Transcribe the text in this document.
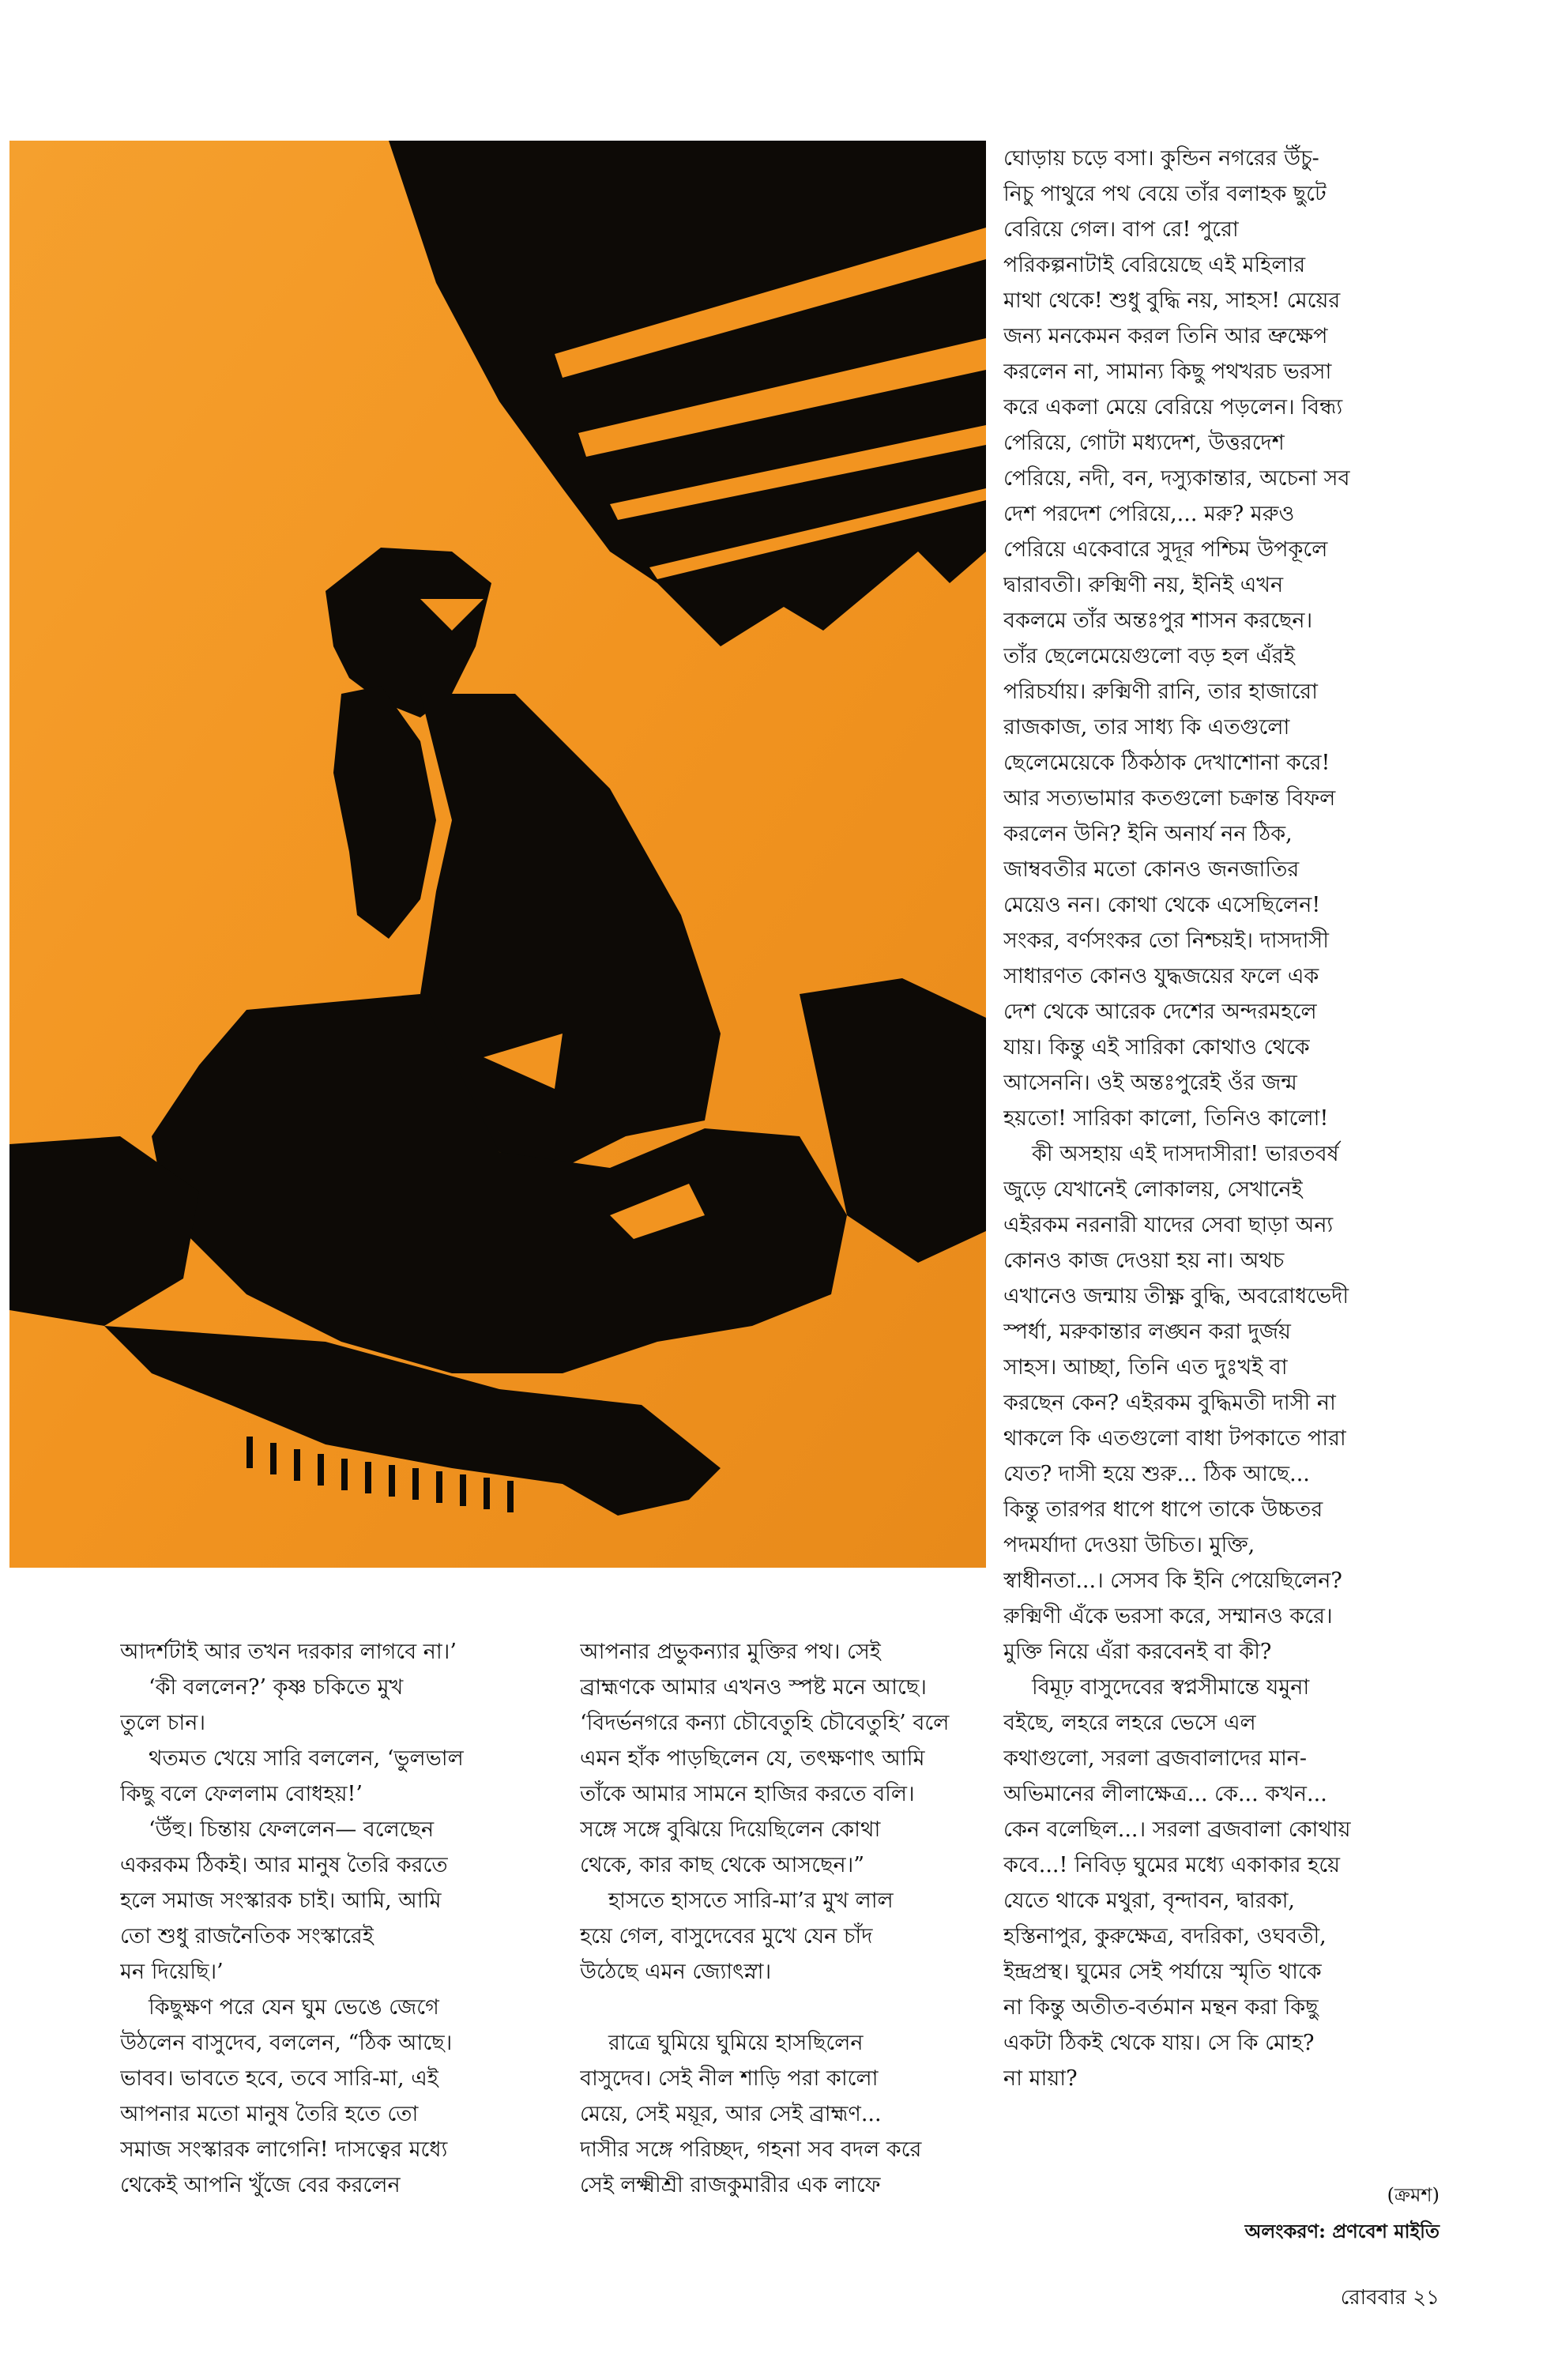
ঘোড়ায় চড়ে বসা। কুন্ডিন নগরের উঁচু-

নিচু পাথুরে পথ বেয়ে তাঁর বলাহক ছুটে

বেরিয়ে গেল। বাপ রে! পুরো

পরিকল্পনাটাই বেরিয়েছে এই মহিলার

মাথা থেকে! শুধু বুদ্ধি নয়, সাহস! মেয়ের

জন্য মনকেমন করল তিনি আর ভ্রুক্ষেপ

করলেন না, সামান্য কিছু পথখরচ ভরসা

করে একলা মেয়ে বেরিয়ে পড়লেন। বিন্ধ্য

পেরিয়ে, গোটা মধ্যদেশ, উত্তরদেশ

পেরিয়ে, নদী, বন, দস্যুকান্তার, অচেনা সব

দেশ পরদেশ পেরিয়ে,... মরু? মরুও

পেরিয়ে একেবারে সুদূর পশ্চিম উপকূলে

দ্বারাবতী। রুক্মিণী নয়, ইনিই এখন

বকলমে তাঁর অন্তঃপুর শাসন করছেন।

তাঁর ছেলেমেয়েগুলো বড় হল এঁরই

পরিচর্যায়। রুক্মিণী রানি, তার হাজারো

রাজকাজ, তার সাধ্য কি এতগুলো

ছেলেমেয়েকে ঠিকঠাক দেখাশোনা করে!

আর সত্যভামার কতগুলো চক্রান্ত বিফল

করলেন উনি? ইনি অনার্য নন ঠিক,

জাম্ববতীর মতো কোনও জনজাতির

মেয়েও নন। কোথা থেকে এসেছিলেন!

সংকর, বর্ণসংকর তো নিশ্চয়ই। দাসদাসী

সাধারণত কোনও যুদ্ধজয়ের ফলে এক

দেশ থেকে আরেক দেশের অন্দরমহলে

যায়। কিন্তু এই সারিকা কোথাও থেকে

আসেননি। ওই অন্তঃপুরেই ওঁর জন্ম

হয়তো! সারিকা কালো, তিনিও কালো!

কী অসহায় এই দাসদাসীরা! ভারতবর্ষ

জুড়ে যেখানেই লোকালয়, সেখানেই

এইরকম নরনারী যাদের সেবা ছাড়া অন্য

কোনও কাজ দেওয়া হয় না। অথচ

এখানেও জন্মায় তীক্ষ্ণ বুদ্ধি, অবরোধভেদী

স্পর্ধা, মরুকান্তার লঙ্ঘন করা দুর্জয়

সাহস। আচ্ছা, তিনি এত দুঃখই বা

করছেন কেন? এইরকম বুদ্ধিমতী দাসী না

থাকলে কি এতগুলো বাধা টপকাতে পারা

যেত? দাসী হয়ে শুরু... ঠিক আছে...

কিন্তু তারপর ধাপে ধাপে তাকে উচ্চতর

পদমর্যাদা দেওয়া উচিত। মুক্তি,

স্বাধীনতা...। সেসব কি ইনি পেয়েছিলেন?

রুক্মিণী এঁকে ভরসা করে, সম্মানও করে।

মুক্তি নিয়ে এঁরা করবেনই বা কী?

বিমূঢ় বাসুদেবের স্বপ্নসীমান্তে যমুনা

বইছে, লহরে লহরে ভেসে এল

কথাগুলো, সরলা ব্রজবালাদের মান-

অভিমানের লীলাক্ষেত্র... কে... কখন...

কেন বলেছিল...। সরলা ব্রজবালা কোথায়

কবে...! নিবিড় ঘুমের মধ্যে একাকার হয়ে

যেতে থাকে মথুরা, বৃন্দাবন, দ্বারকা,

হস্তিনাপুর, কুরুক্ষেত্র, বদরিকা, ওঘবতী,

ইন্দ্রপ্রস্থ। ঘুমের সেই পর্যায়ে স্মৃতি থাকে

না কিন্তু অতীত-বর্তমান মন্থন করা কিছু

একটা ঠিকই থেকে যায়। সে কি মোহ?

না মায়া?

আদর্শটাই আর তখন দরকার লাগবে না।’

‘কী বললেন?’ কৃষ্ণ চকিতে মুখ

তুলে চান।

থতমত খেয়ে সারি বললেন, ‘ভুলভাল

কিছু বলে ফেললাম বোধহয়!’

‘উঁহু। চিন্তায় ফেললেন— বলেছেন

একরকম ঠিকই। আর মানুষ তৈরি করতে

হলে সমাজ সংস্কারক চাই। আমি, আমি

তো শুধু রাজনৈতিক সংস্কারেই

মন দিয়েছি।’

কিছুক্ষণ পরে যেন ঘুম ভেঙে জেগে

উঠলেন বাসুদেব, বললেন, “ঠিক আছে।

ভাবব। ভাবতে হবে, তবে সারি-মা, এই

আপনার মতো মানুষ তৈরি হতে তো

সমাজ সংস্কারক লাগেনি! দাসত্বের মধ্যে

থেকেই আপনি খুঁজে বের করলেন

আপনার প্রভুকন্যার মুক্তির পথ। সেই

ব্রাহ্মণকে আমার এখনও স্পষ্ট মনে আছে।

‘বিদর্ভনগরে কন্যা চৌবেতুহি চৌবেতুহি’ বলে

এমন হাঁক পাড়ছিলেন যে, তৎক্ষণাৎ আমি

তাঁকে আমার সামনে হাজির করতে বলি।

সঙ্গে সঙ্গে বুঝিয়ে দিয়েছিলেন কোথা

থেকে, কার কাছ থেকে আসছেন।”

হাসতে হাসতে সারি-মা’র মুখ লাল

হয়ে গেল, বাসুদেবের মুখে যেন চাঁদ

উঠেছে এমন জ্যোৎস্না।

রাত্রে ঘুমিয়ে ঘুমিয়ে হাসছিলেন

বাসুদেব। সেই নীল শাড়ি পরা কালো

মেয়ে, সেই ময়ূর, আর সেই ব্রাহ্মণ...

দাসীর সঙ্গে পরিচ্ছদ, গহনা সব বদল করে

সেই লক্ষ্মীশ্রী রাজকুমারীর এক লাফে	(ক্রমশ)

অলংকরণ: প্রণবেশ মাইতি

রোববার ২১
